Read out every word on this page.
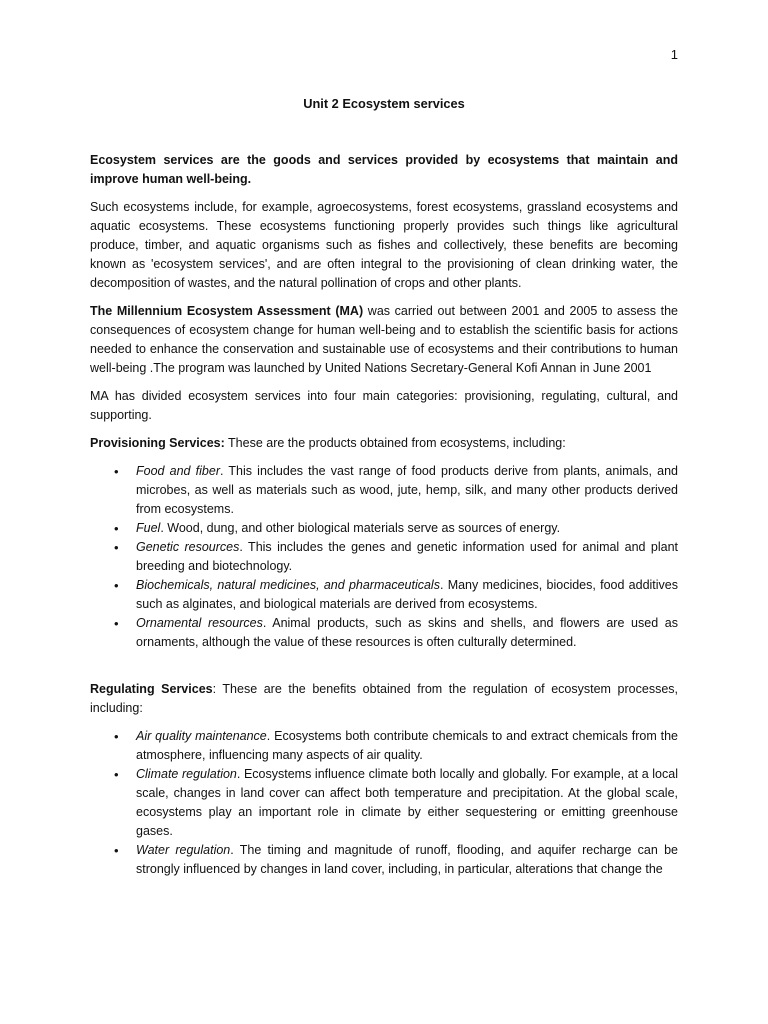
1
Unit 2 Ecosystem services

Ecosystem services are the goods and services provided by ecosystems that maintain and improve human well-being.

Such ecosystems include, for example, agroecosystems, forest ecosystems, grassland ecosystems and aquatic ecosystems. These ecosystems functioning properly provides such things like agricultural produce, timber, and aquatic organisms such as fishes and collectively, these benefits are becoming known as 'ecosystem services', and are often integral to the provisioning of clean drinking water, the decomposition of wastes, and the natural pollination of crops and other plants.

The Millennium Ecosystem Assessment (MA) was carried out between 2001 and 2005 to assess the consequences of ecosystem change for human well-being and to establish the scientific basis for actions needed to enhance the conservation and sustainable use of ecosystems and their contributions to human well-being .The program was launched by United Nations Secretary-General Kofi Annan in June 2001

MA has divided ecosystem services into four main categories: provisioning, regulating, cultural, and supporting.

Provisioning Services: These are the products obtained from ecosystems, including:

• Food and fiber. This includes the vast range of food products derive from plants, animals, and microbes, as well as materials such as wood, jute, hemp, silk, and many other products derived from ecosystems.
• Fuel. Wood, dung, and other biological materials serve as sources of energy.
• Genetic resources. This includes the genes and genetic information used for animal and plant breeding and biotechnology.
• Biochemicals, natural medicines, and pharmaceuticals. Many medicines, biocides, food additives such as alginates, and biological materials are derived from ecosystems.
• Ornamental resources. Animal products, such as skins and shells, and flowers are used as ornaments, although the value of these resources is often culturally determined.

Regulating Services: These are the benefits obtained from the regulation of ecosystem processes, including:

• Air quality maintenance. Ecosystems both contribute chemicals to and extract chemicals from the atmosphere, influencing many aspects of air quality.
• Climate regulation. Ecosystems influence climate both locally and globally. For example, at a local scale, changes in land cover can affect both temperature and precipitation. At the global scale, ecosystems play an important role in climate by either sequestering or emitting greenhouse gases.
• Water regulation. The timing and magnitude of runoff, flooding, and aquifer recharge can be strongly influenced by changes in land cover, including, in particular, alterations that change the
